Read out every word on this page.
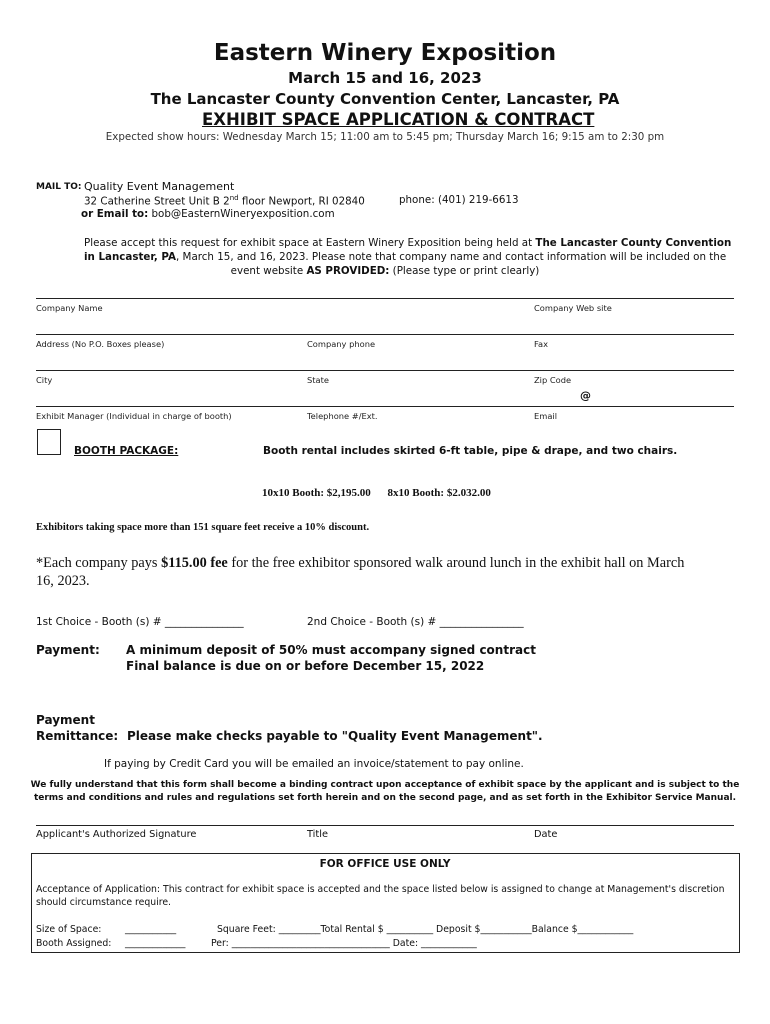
Eastern Winery Exposition
March 15 and 16, 2023
The Lancaster County Convention Center, Lancaster, PA
EXHIBIT SPACE APPLICATION & CONTRACT
Expected show hours: Wednesday March 15; 11:00 am to 5:45 pm; Thursday March 16; 9:15 am to 2:30 pm
MAIL TO: Quality Event Management
32 Catherine Street Unit B 2nd floor Newport, RI 02840	phone: (401) 219-6613
or Email to: bob@EasternWineryexposition.com
Please accept this request for exhibit space at Eastern Winery Exposition being held at The Lancaster County Convention
in Lancaster, PA, March 15, and 16, 2023. Please note that company name and contact information will be included on the
event website AS PROVIDED: (Please type or print clearly)
Company Name	Company Web site
Address (No P.O. Boxes please)	Company phone	Fax
City	State	Zip Code
@
Exhibit Manager (Individual in charge of booth)	Telephone #/Ext.	Email
BOOTH PACKAGE:	Booth rental includes skirted 6-ft table, pipe & drape, and two chairs.
10x10 Booth: $2,195.00 8x10 Booth: $2.032.00
Exhibitors taking space more than 151 square feet receive a 10% discount.
*Each company pays $115.00 fee for the free exhibitor sponsored walk around lunch in the exhibit hall on March
16, 2023.
1st Choice - Booth (s) # _______________	2nd Choice - Booth (s) # ________________
Payment: A minimum deposit of 50% must accompany signed contract
Final balance is due on or before December 15, 2022
Payment
Remittance: Please make checks payable to "Quality Event Management".
If paying by Credit Card you will be emailed an invoice/statement to pay online.
We fully understand that this form shall become a binding contract upon acceptance of exhibit space by the applicant and is subject to the
terms and conditions and rules and regulations set forth herein and on the second page, and as set forth in the Exhibitor Service Manual.
Applicant's Authorized Signature	Title	Date
FOR OFFICE USE ONLY
Acceptance of Application: This contract for exhibit space is accepted and the space listed below is assigned to change at Management's discretion
should circumstance require.
Size of Space:	___________	Square Feet: _________Total Rental $ __________ Deposit $___________Balance $____________
Booth Assigned: _____________	Per: __________________________________ Date: ____________
